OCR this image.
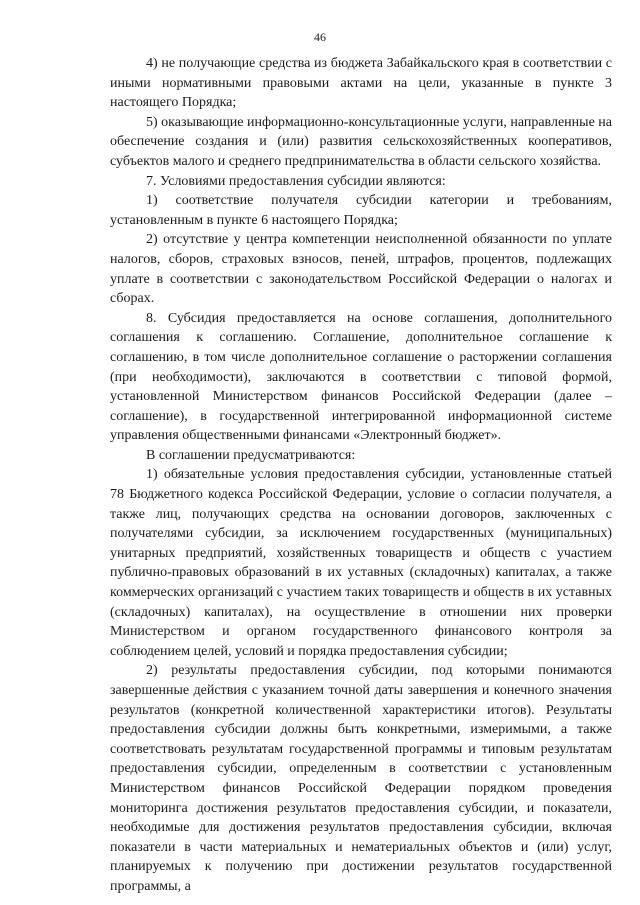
46

4) не получающие средства из бюджета Забайкальского края в соответствии с иными нормативными правовыми актами на цели, указанные в пункте 3 настоящего Порядка;

5) оказывающие информационно-консультационные услуги, направленные на обеспечение создания и (или) развития сельскохозяйственных кооперативов, субъектов малого и среднего предпринимательства в области сельского хозяйства.

7. Условиями предоставления субсидии являются:

1) соответствие получателя субсидии категории и требованиям, установленным в пункте 6 настоящего Порядка;

2) отсутствие у центра компетенции неисполненной обязанности по уплате налогов, сборов, страховых взносов, пеней, штрафов, процентов, подлежащих уплате в соответствии с законодательством Российской Федерации о налогах и сборах.

8. Субсидия предоставляется на основе соглашения, дополнительного соглашения к соглашению. Соглашение, дополнительное соглашение к соглашению, в том числе дополнительное соглашение о расторжении соглашения (при необходимости), заключаются в соответствии с типовой формой, установленной Министерством финансов Российской Федерации (далее – соглашение), в государственной интегрированной информационной системе управления общественными финансами «Электронный бюджет».

В соглашении предусматриваются:

1) обязательные условия предоставления субсидии, установленные статьей 78 Бюджетного кодекса Российской Федерации, условие о согласии получателя, а также лиц, получающих средства на основании договоров, заключенных с получателями субсидии, за исключением государственных (муниципальных) унитарных предприятий, хозяйственных товариществ и обществ с участием публично-правовых образований в их уставных (складочных) капиталах, а также коммерческих организаций с участием таких товариществ и обществ в их уставных (складочных) капиталах), на осуществление в отношении них проверки Министерством и органом государственного финансового контроля за соблюдением целей, условий и порядка предоставления субсидии;

2) результаты предоставления субсидии, под которыми понимаются завершенные действия с указанием точной даты завершения и конечного значения результатов (конкретной количественной характеристики итогов). Результаты предоставления субсидии должны быть конкретными, измеримыми, а также соответствовать результатам государственной программы и типовым результатам предоставления субсидии, определенным в соответствии с установленным Министерством финансов Российской Федерации порядком проведения мониторинга достижения результатов предоставления субсидии, и показатели, необходимые для достижения результатов предоставления субсидии, включая показатели в части материальных и нематериальных объектов и (или) услуг, планируемых к получению при достижении результатов государственной программы, а
